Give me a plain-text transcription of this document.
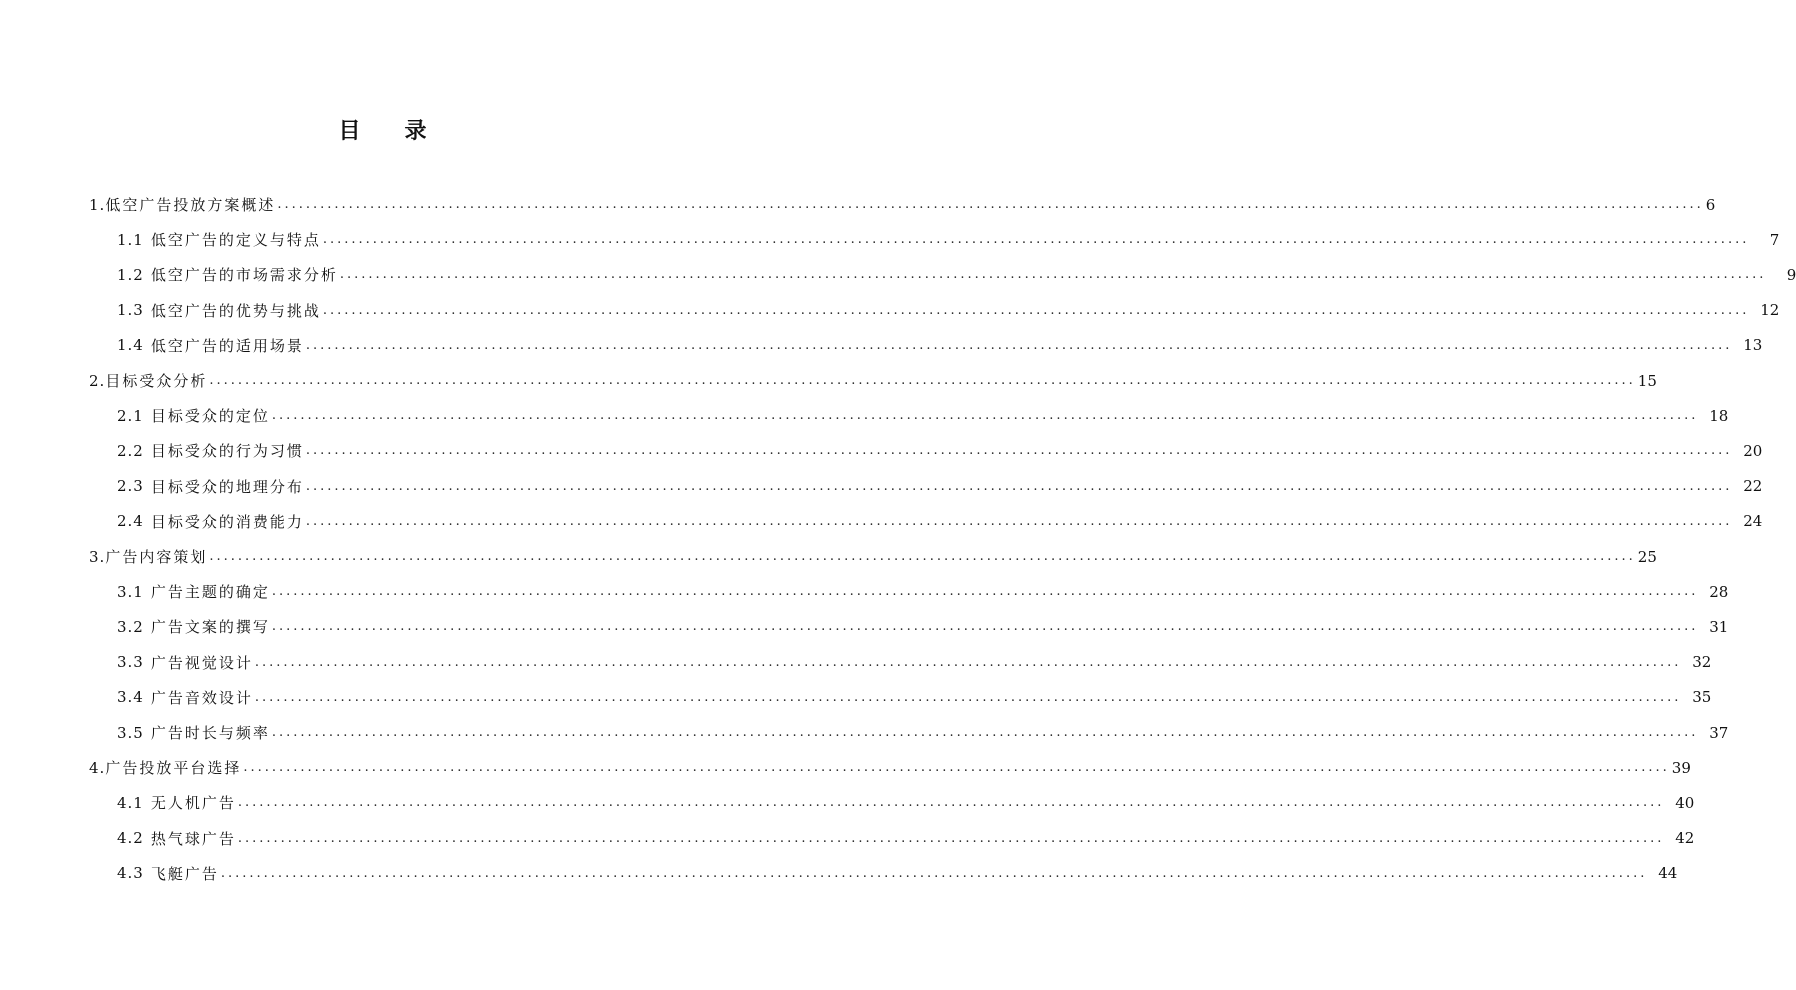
目 录
1. 低空广告投放方案概述 ........................................................................................................................................................................................................ 6
1.1 低空广告的定义与特点 ........................................................................................................................................................................................................	7
1.2 低空广告的市场需求分析 ........................................................................................................................................................................................................	9
1.3 低空广告的优势与挑战 ........................................................................................................................................................................................................ 12
1.4 低空广告的适用场景 ........................................................................................................................................................................................................ 13
2. 目标受众分析 ........................................................................................................................................................................................................ 15
2.1 目标受众的定位 ........................................................................................................................................................................................................ 18
2.2 目标受众的行为习惯 ........................................................................................................................................................................................................ 20
2.3 目标受众的地理分布 ........................................................................................................................................................................................................ 22
2.4 目标受众的消费能力 ........................................................................................................................................................................................................ 24
3. 广告内容策划 ........................................................................................................................................................................................................ 25
3.1 广告主题的确定 ........................................................................................................................................................................................................ 28
3.2 广告文案的撰写 ........................................................................................................................................................................................................ 31
3.3 广告视觉设计 ........................................................................................................................................................................................................ 32
3.4 广告音效设计 ........................................................................................................................................................................................................ 35
3.5 广告时长与频率 ........................................................................................................................................................................................................ 37
4. 广告投放平台选择 ........................................................................................................................................................................................................ 39
4.1 无人机广告 ........................................................................................................................................................................................................ 40
4.2 热气球广告 ........................................................................................................................................................................................................ 42
4.3 飞艇广告 ........................................................................................................................................................................................................ 44
